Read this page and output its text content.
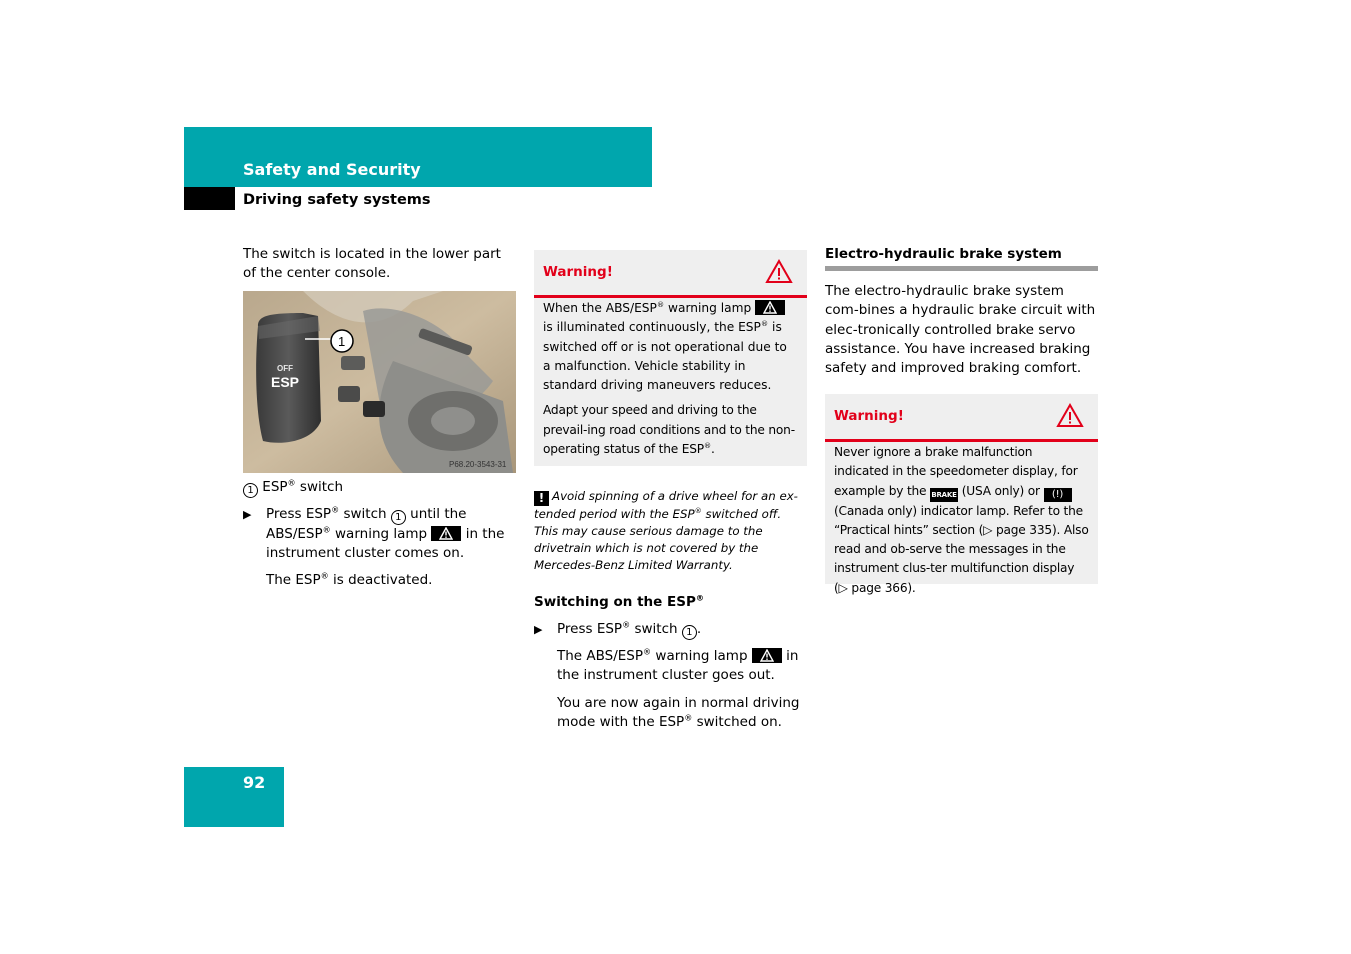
Safety and Security
Driving safety systems
The switch is located in the lower part of the center console.
OFF
ESP
1
P68.20-3543-31
1 ESP® switch
▶ Press ESP® switch 1 until the ABS/ESP® warning lamp
in the instrument cluster comes on.
The ESP® is deactivated.
Warning!
When the ABS/ESP® warning lamp
is illuminated continuously, the ESP® is switched off or is not operational due to a malfunction. Vehicle stability in standard driving maneuvers reduces.
Adapt your speed and driving to the prevail-ing road conditions and to the non-operating status of the ESP®.
! Avoid spinning of a drive wheel for an ex-tended period with the ESP® switched off. This may cause serious damage to the drivetrain which is not covered by the Mercedes-Benz Limited Warranty.
Switching on the ESP®
▶ Press ESP® switch 1 .
The ABS/ESP® warning lamp
in the instrument cluster goes out.
You are now again in normal driving mode with the ESP® switched on.
Electro-hydraulic brake system
The electro-hydraulic brake system com-bines a hydraulic brake circuit with elec-tronically controlled brake servo assistance. You have increased braking safety and improved braking comfort.
Warning!
Never ignore a brake malfunction indicated in the speedometer display, for example by the BRAKE (USA only) or (!) (Canada only) indicator lamp. Refer to the “Practical hints” section (▷ page 335). Also read and ob-serve the messages in the instrument clus-ter multifunction display (▷ page 366).
92
